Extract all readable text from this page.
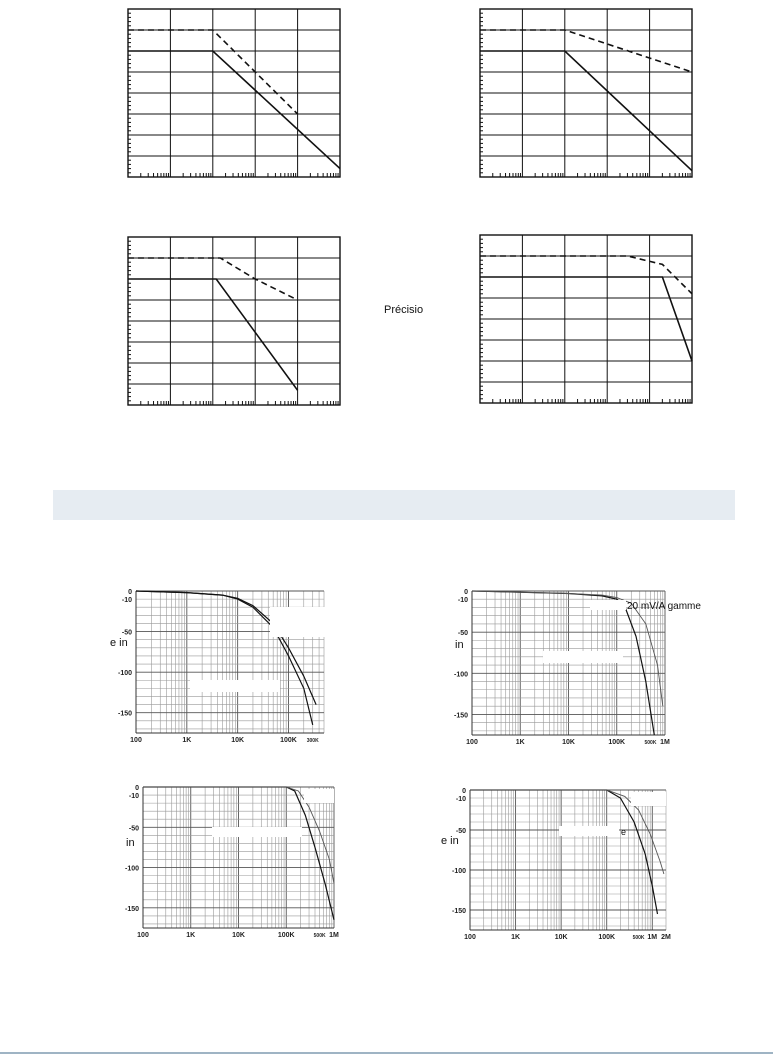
0
-10
-50
-100
-150
100	1K	10K	100K 300K
0
-10
-50
-100
-150
100	1K	10K	100K	500K 1M
0
-10
-50
-100
-150
100	1K	10K	100K	500K 1M
0
-10
-50
-100
-150
100	1K	10K	100K	500K 1M 2M
Précisio
e in	in
20 mV/A gamme
in	e in
e
